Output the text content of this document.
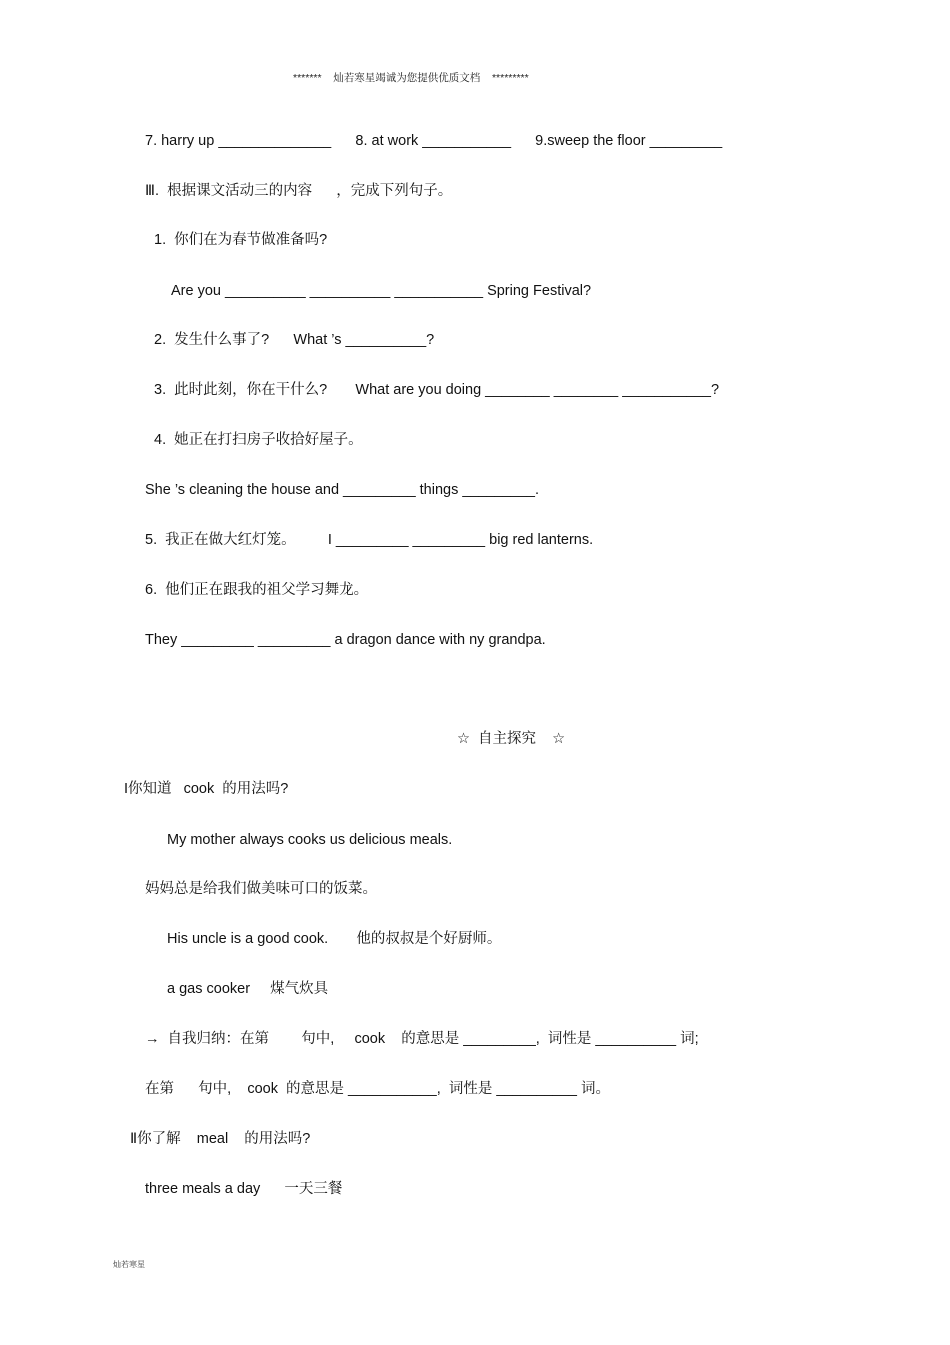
*******    灿若寒星竭诚为您提供优质文档    *********
7. harry up ______________      8. at work ___________      9.sweep the floor _________
Ⅲ.  根据课文活动三的内容      ，完成下列句子。
1.  你们在为春节做准备吗?
Are you __________ __________ ___________ Spring Festival?
2.  发生什么事了?      What ’s __________?
3.  此时此刻，你在干什么?       What are you doing ________ ________ ___________?
4.  她正在打扫房子收拾好屋子。
She ’s cleaning the house and _________ things _________.
5.  我正在做大红灯笼。        I _________ _________ big red lanterns.
6.  他们正在跟我的祖父学习舞龙。
They _________ _________ a dragon dance with ny grandpa.
☆  自主探究    ☆
I你知道   cook  的用法吗?
My mother always cooks us delicious meals.
妈妈总是给我们做美味可口的饭菜。
His uncle is a good cook.       他的叔叔是个好厨师。
a gas cooker     煤气炊具
→  自我归纳：在第        句中,     cook    的意思是 _________,  词性是 __________ 词;
在第      句中,    cook  的意思是 ___________,  词性是 __________ 词。
Ⅱ你了解    meal    的用法吗?
three meals a day      一天三餐
灿若寒星
